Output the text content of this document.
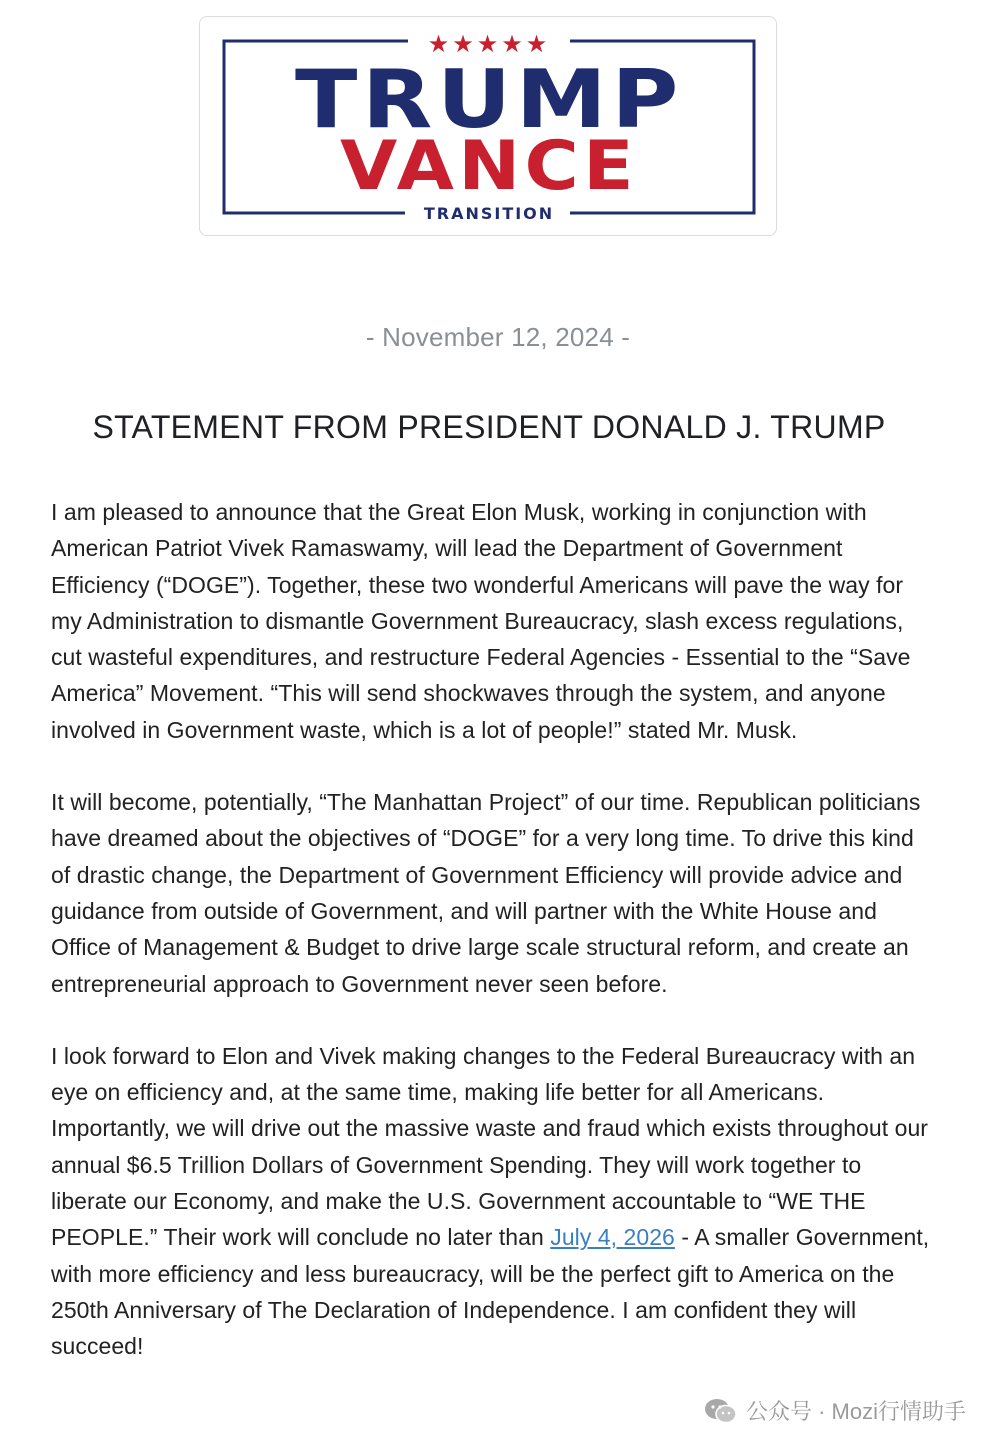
★★★★★
TRUMP
VANCE
TRANSITION
- November 12, 2024 -
STATEMENT FROM PRESIDENT DONALD J. TRUMP

I am pleased to announce that the Great Elon Musk, working in conjunction with American Patriot Vivek Ramaswamy, will lead the Department of Government Efficiency (“DOGE”). Together, these two wonderful Americans will pave the way for my Administration to dismantle Government Bureaucracy, slash excess regulations, cut wasteful expenditures, and restructure Federal Agencies - Essential to the “Save America” Movement. “This will send shockwaves through the system, and anyone involved in Government waste, which is a lot of people!” stated Mr. Musk.

It will become, potentially, “The Manhattan Project” of our time. Republican politicians have dreamed about the objectives of “DOGE” for a very long time. To drive this kind of drastic change, the Department of Government Efficiency will provide advice and guidance from outside of Government, and will partner with the White House and Office of Management & Budget to drive large scale structural reform, and create an entrepreneurial approach to Government never seen before.

I look forward to Elon and Vivek making changes to the Federal Bureaucracy with an eye on efficiency and, at the same time, making life better for all Americans. Importantly, we will drive out the massive waste and fraud which exists throughout our annual $6.5 Trillion Dollars of Government Spending. They will work together to liberate our Economy, and make the U.S. Government accountable to “WE THE PEOPLE.” Their work will conclude no later than July 4, 2026 - A smaller Government, with more efficiency and less bureaucracy, will be the perfect gift to America on the 250th Anniversary of The Declaration of Independence. I am confident they will succeed!

公众号 · Mozi行情助手
